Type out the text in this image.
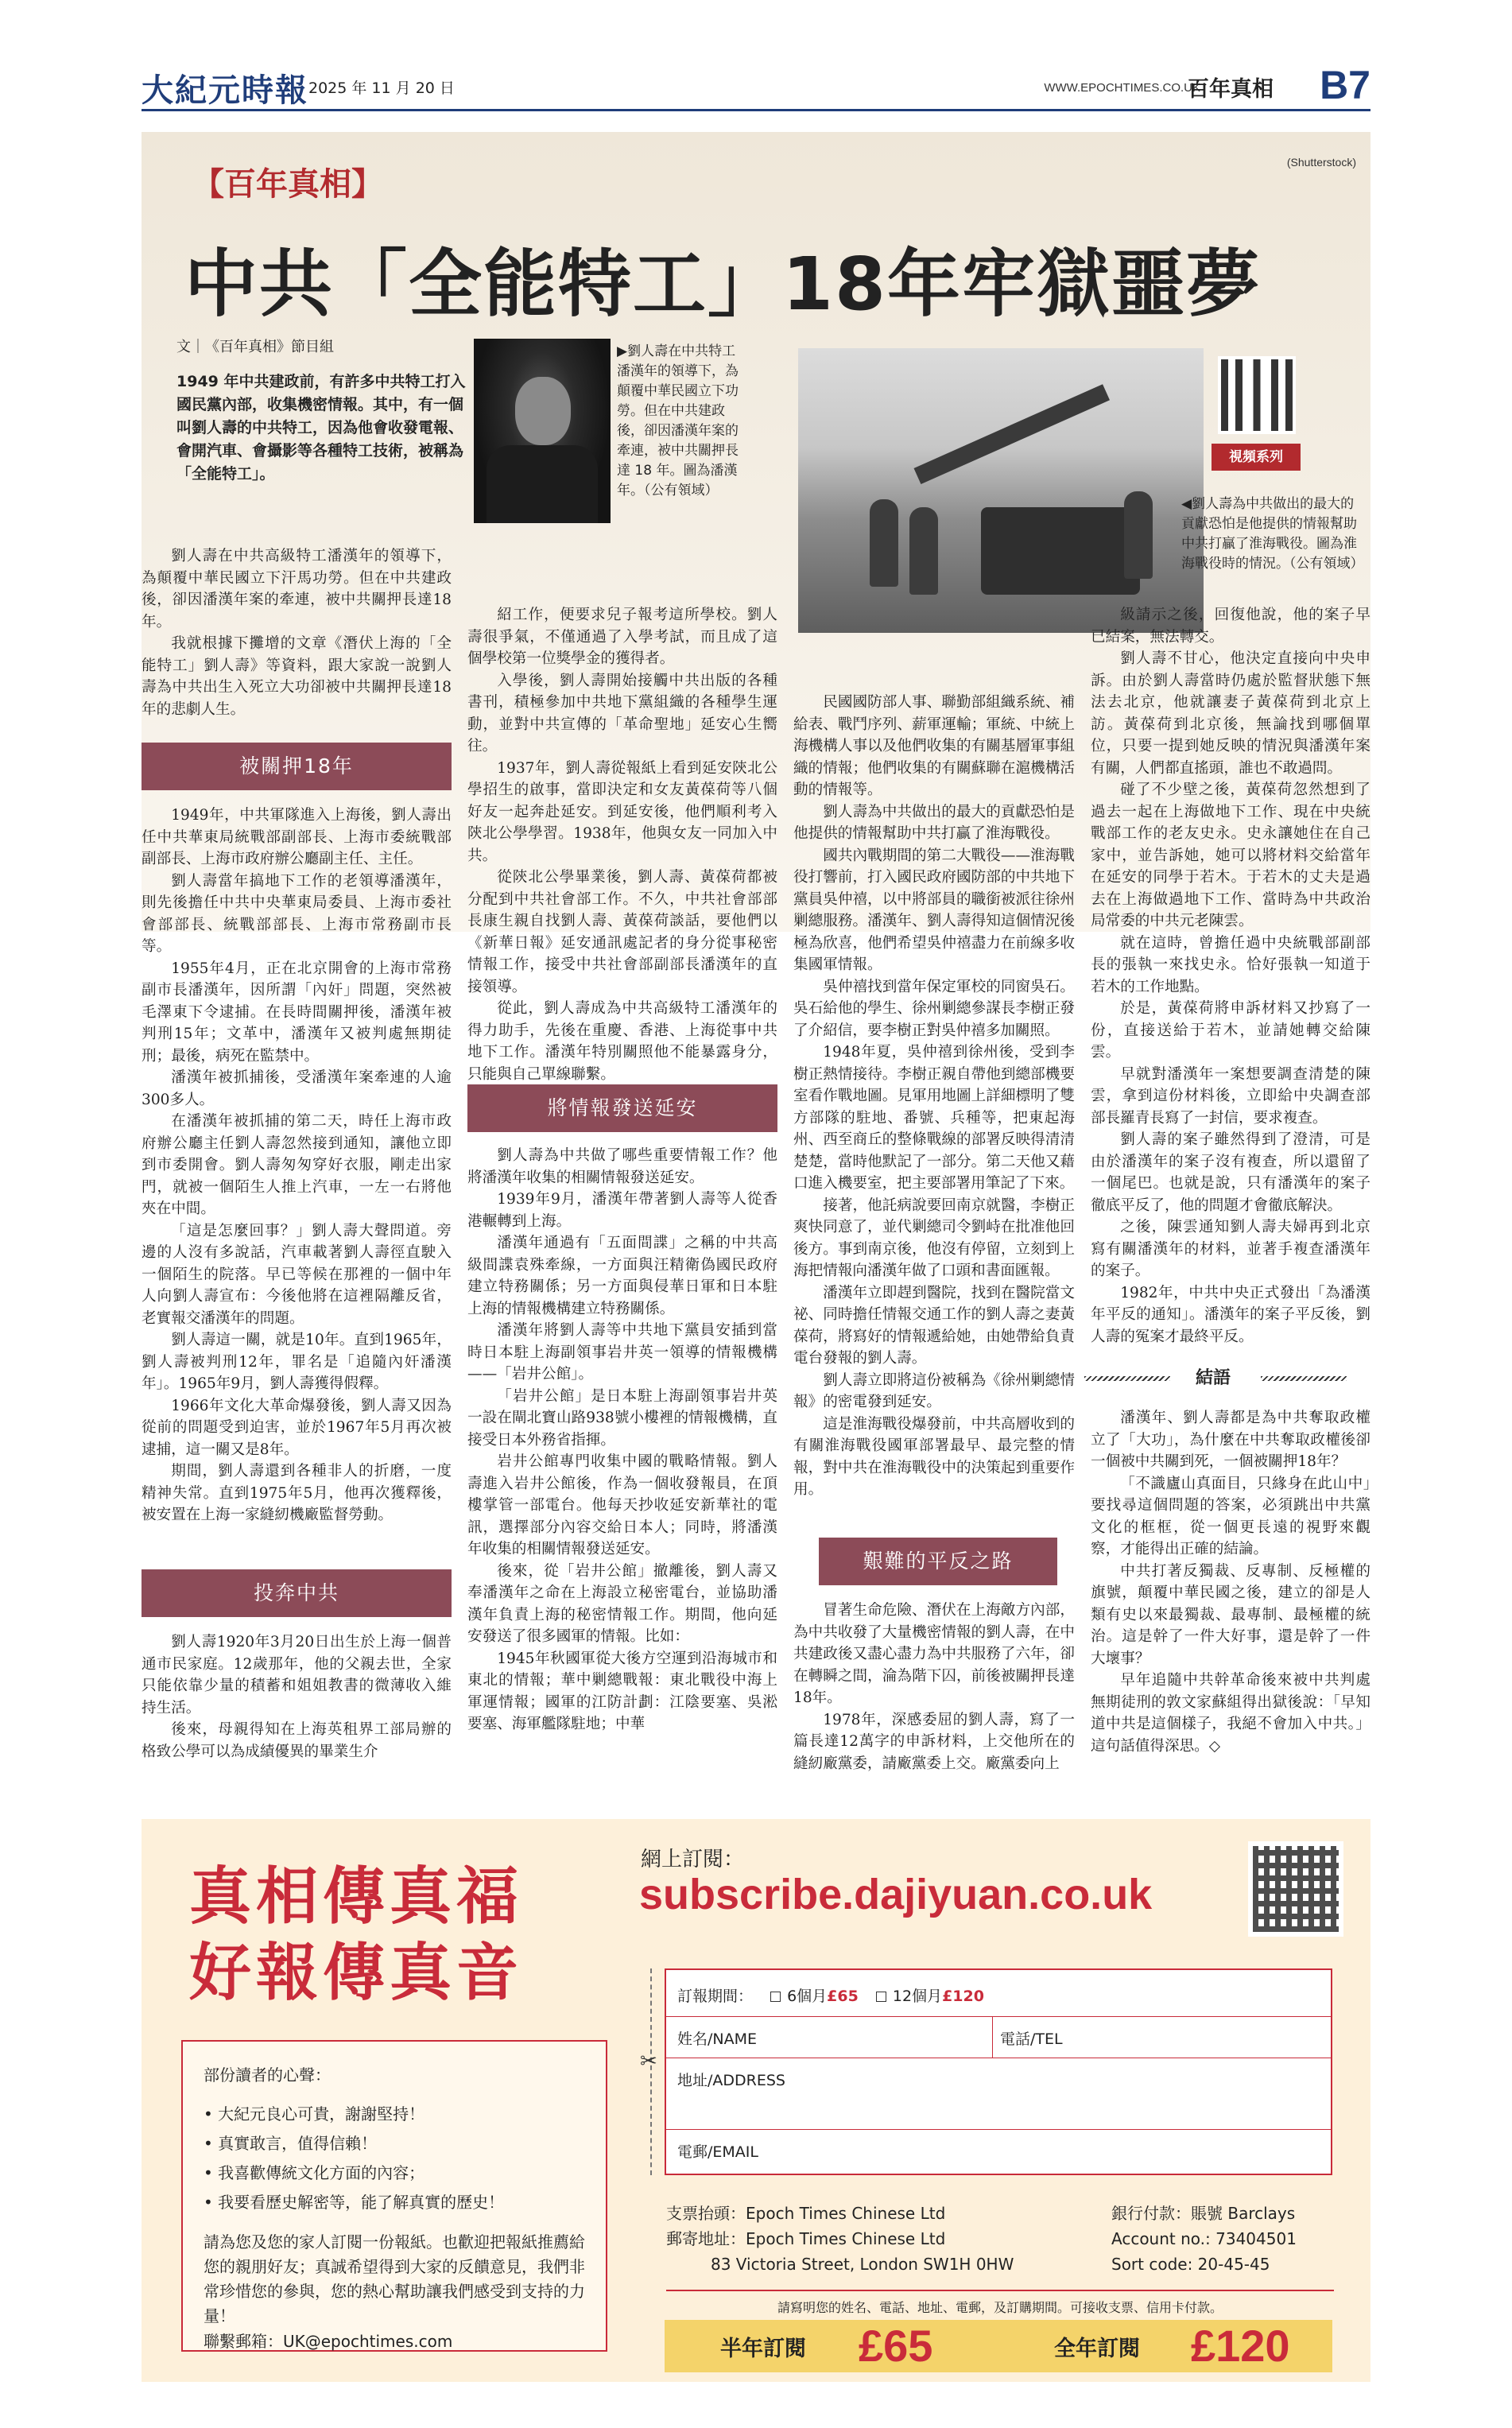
大紀元時報 2025 年 11 月 20 日	WWW.EPOCHTIMES.CO.UK
百年真相 B7
【百年真相】
(Shutterstock)
中共「全能特工」18年牢獄噩夢
文｜《百年真相》節目組
1949 年中共建政前，有許多中共特工打入國民黨內部，收集機密情報。其中，有一個叫劉人壽的中共特工，因為他會收發電報、會開汽車、會攝影等各種特工技術，被稱為「全能特工」。
▶劉人壽在中共特工潘漢年的領導下，為顛覆中華民國立下功勞。但在中共建政後，卻因潘漢年案的牽連，被中共關押長達 18 年。圖為潘漢年。（公有領域）
視頻系列
◀劉人壽為中共做出的最大的貢獻恐怕是他提供的情報幫助中共打贏了淮海戰役。圖為淮海戰役時的情況。（公有領域）

劉人壽在中共高級特工潘漢年的領導下，為顛覆中華民國立下汗馬功勞。但在中共建政後，卻因潘漢年案的牽連，被中共關押長達18年。

我就根據下攤增的文章《潛伏上海的「全能特工」劉人壽》等資料，跟大家說一說劉人壽為中共出生入死立大功卻被中共關押長達18年的悲劇人生。

被關押18年

1949年，中共軍隊進入上海後，劉人壽出任中共華東局統戰部副部長、上海市委統戰部副部長、上海市政府辦公廳副主任、主任。

劉人壽當年搞地下工作的老領導潘漢年，則先後擔任中共中央華東局委員、上海市委社會部部長、統戰部部長、上海市常務副市長等。

1955年4月，正在北京開會的上海市常務副市長潘漢年，因所謂「內奸」問題，突然被毛澤東下令逮捕。在長時間關押後，潘漢年被判刑15年；文革中，潘漢年又被判處無期徒刑；最後，病死在監禁中。

潘漢年被抓捕後，受潘漢年案牽連的人逾300多人。

在潘漢年被抓捕的第二天，時任上海市政府辦公廳主任劉人壽忽然接到通知，讓他立即到市委開會。劉人壽匆匆穿好衣服，剛走出家門，就被一個陌生人推上汽車，一左一右將他夾在中間。

「這是怎麼回事？」劉人壽大聲問道。旁邊的人沒有多說話，汽車載著劉人壽徑直駛入一個陌生的院落。早已等候在那裡的一個中年人向劉人壽宣布：今後他將在這裡隔離反省，老實報交潘漢年的問題。

劉人壽這一關，就是10年。直到1965年，劉人壽被判刑12年，罪名是「追隨內奸潘漢年」。1965年9月，劉人壽獲得假釋。

1966年文化大革命爆發後，劉人壽又因為從前的問題受到迫害，並於1967年5月再次被逮捕，這一關又是8年。

期間，劉人壽還到各種非人的折磨，一度精神失常。直到1975年5月，他再次獲釋後，被安置在上海一家縫紉機廠監督勞動。

投奔中共

劉人壽1920年3月20日出生於上海一個普通市民家庭。12歲那年，他的父親去世，全家只能依靠少量的積蓄和姐姐教書的微薄收入維持生活。

後來，母親得知在上海英租界工部局辦的格致公學可以為成績優異的畢業生介

紹工作，便要求兒子報考這所學校。劉人壽很爭氣，不僅通過了入學考試，而且成了這個學校第一位獎學金的獲得者。

入學後，劉人壽開始接觸中共出版的各種書刊，積極參加中共地下黨組織的各種學生運動，並對中共宣傳的「革命聖地」延安心生嚮往。

1937年，劉人壽從報紙上看到延安陝北公學招生的啟事，當即決定和女友黃葆荷等八個好友一起奔赴延安。到延安後，他們順利考入陝北公學學習。1938年，他與女友一同加入中共。

從陝北公學畢業後，劉人壽、黃葆荷都被分配到中共社會部工作。不久，中共社會部部長康生親自找劉人壽、黃葆荷談話，要他們以《新華日報》延安通訊處記者的身分從事秘密情報工作，接受中共社會部副部長潘漢年的直接領導。

從此，劉人壽成為中共高級特工潘漢年的得力助手，先後在重慶、香港、上海從事中共地下工作。潘漢年特別關照他不能暴露身分，只能與自己單線聯繫。

將情報發送延安

劉人壽為中共做了哪些重要情報工作？他將潘漢年收集的相關情報發送延安。

1939年9月，潘漢年帶著劉人壽等人從香港輾轉到上海。

潘漢年通過有「五面間諜」之稱的中共高級間諜袁殊牽線，一方面與汪精衛偽國民政府建立特務關係；另一方面與侵華日軍和日本駐上海的情報機構建立特務關係。

潘漢年將劉人壽等中共地下黨員安插到當時日本駐上海副領事岩井英一領導的情報機構——「岩井公館」。

「岩井公館」是日本駐上海副領事岩井英一設在閘北寶山路938號小樓裡的情報機構，直接受日本外務省指揮。

岩井公館專門收集中國的戰略情報。劉人壽進入岩井公館後，作為一個收發報員，在頂樓掌管一部電台。他每天抄收延安新華社的電訊，選擇部分內容交給日本人；同時，將潘漢年收集的相關情報發送延安。

後來，從「岩井公館」撤離後，劉人壽又奉潘漢年之命在上海設立秘密電台，並協助潘漢年負責上海的秘密情報工作。期間，他向延安發送了很多國軍的情報。比如：

1945年秋國軍從大後方空運到沿海城市和東北的情報；華中剿總戰報：東北戰役中海上軍運情報；國軍的江防計劃：江陰要塞、吳淞要塞、海軍艦隊駐地；中華

民國國防部人事、聯勤部組織系統、補給表、戰鬥序列、薪軍運輸；軍統、中統上海機構人事以及他們收集的有關基層軍事組織的情報；他們收集的有關蘇聯在滬機構活動的情報等。

劉人壽為中共做出的最大的貢獻恐怕是他提供的情報幫助中共打贏了淮海戰役。

國共內戰期間的第二大戰役——淮海戰役打響前，打入國民政府國防部的中共地下黨員吳仲禧，以中將部員的職銜被派往徐州剿總服務。潘漢年、劉人壽得知這個情況後極為欣喜，他們希望吳仲禧盡力在前線多收集國軍情報。

吳仲禧找到當年保定軍校的同窗吳石。吳石給他的學生、徐州剿總參謀長李樹正發了介紹信，要李樹正對吳仲禧多加關照。

1948年夏，吳仲禧到徐州後，受到李樹正熱情接待。李樹正親自帶他到總部機要室看作戰地圖。見軍用地圖上詳細標明了雙方部隊的駐地、番號、兵種等，把東起海州、西至商丘的整條戰線的部署反映得清清楚楚，當時他默記了一部分。第二天他又藉口進入機要室，把主要部署用筆記了下來。

接著，他託病說要回南京就醫，李樹正爽快同意了，並代剿總司令劉峙在批准他回後方。事到南京後，他沒有停留，立刻到上海把情報向潘漢年做了口頭和書面匯報。

潘漢年立即趕到醫院，找到在醫院當文祕、同時擔任情報交通工作的劉人壽之妻黃葆荷，將寫好的情報遞給她，由她帶給負責電台發報的劉人壽。

劉人壽立即將這份被稱為《徐州剿總情報》的密電發到延安。

這是淮海戰役爆發前，中共高層收到的有關淮海戰役國軍部署最早、最完整的情報，對中共在淮海戰役中的決策起到重要作用。

艱難的平反之路

冒著生命危險、潛伏在上海敵方內部，為中共收發了大量機密情報的劉人壽，在中共建政後又盡心盡力為中共服務了六年，卻在轉瞬之間，淪為階下囚，前後被關押長達18年。

1978年，深感委屈的劉人壽，寫了一篇長達12萬字的申訴材料，上交他所在的縫紉廠黨委，請廠黨委上交。廠黨委向上

級請示之後，回復他說，他的案子早已結案，無法轉交。

劉人壽不甘心，他決定直接向中央申訴。由於劉人壽當時仍處於監督狀態下無法去北京，他就讓妻子黃葆荷到北京上訪。黃葆荷到北京後，無論找到哪個單位，只要一提到她反映的情況與潘漢年案有關，人們都直搖頭，誰也不敢過問。

碰了不少壁之後，黃葆荷忽然想到了過去一起在上海做地下工作、現在中央統戰部工作的老友史永。史永讓她住在自己家中，並告訴她，她可以將材料交給當年在延安的同學于若木。于若木的丈夫是過去在上海做過地下工作、當時為中共政治局常委的中共元老陳雲。

就在這時，曾擔任過中央統戰部副部長的張執一來找史永。恰好張執一知道于若木的工作地點。

於是，黃葆荷將申訴材料又抄寫了一份，直接送給于若木，並請她轉交給陳雲。

早就對潘漢年一案想要調查清楚的陳雲，拿到這份材料後，立即給中央調查部部長羅青長寫了一封信，要求複查。

劉人壽的案子雖然得到了澄清，可是由於潘漢年的案子沒有複查，所以還留了一個尾巴。也就是說，只有潘漢年的案子徹底平反了，他的問題才會徹底解決。

之後，陳雲通知劉人壽夫婦再到北京寫有關潘漢年的材料，並著手複查潘漢年的案子。

1982年，中共中央正式發出「為潘漢年平反的通知」。潘漢年的案子平反後，劉人壽的冤案才最終平反。

結語

潘漢年、劉人壽都是為中共奪取政權立了「大功」，為什麼在中共奪取政權後卻一個被中共關到死，一個被關押18年？

「不識廬山真面目，只緣身在此山中」要找尋這個問題的答案，必須跳出中共黨文化的框框，從一個更長遠的視野來觀察，才能得出正確的結論。

中共打著反獨裁、反專制、反極權的旗號，顛覆中華民國之後，建立的卻是人類有史以來最獨裁、最專制、最極權的統治。這是幹了一件大好事，還是幹了一件大壞事？

早年追隨中共幹革命後來被中共判處無期徒刑的敦文家蘇組得出獄後說：「早知道中共是這個樣子，我絕不會加入中共。」這句話值得深思。◇

真相傳真福
好報傳真音
網上訂閱：
subscribe.dajiyuan.co.uk
部份讀者的心聲：
• 大紀元良心可貴，謝謝堅持！
• 真實敢言，值得信賴！
• 我喜歡傳統文化方面的內容；
• 我要看歷史解密等，能了解真實的歷史！
請為您及您的家人訂閱一份報紙。也歡迎把報紙推薦給您的親朋好友；真誠希望得到大家的反饋意見，我們非常珍惜您的參與，您的熱心幫助讓我們感受到支持的力量！
聯繫郵箱：UK@epochtimes.com
✂
訂報期間： 6個月£65 12個月£120
姓名/NAME	電話/TEL
地址/ADDRESS
電郵/EMAIL
支票抬頭：Epoch Times Chinese Ltd
郵寄地址：Epoch Times Chinese Ltd
83 Victoria Street, London SW1H 0HW
銀行付款：賬號 Barclays
Account no.: 73404501
Sort code: 20-45-45
請寫明您的姓名、電話、地址、電郵，及訂購期間。可接收支票、信用卡付款。
半年訂閱 £65	全年訂閱 £120
